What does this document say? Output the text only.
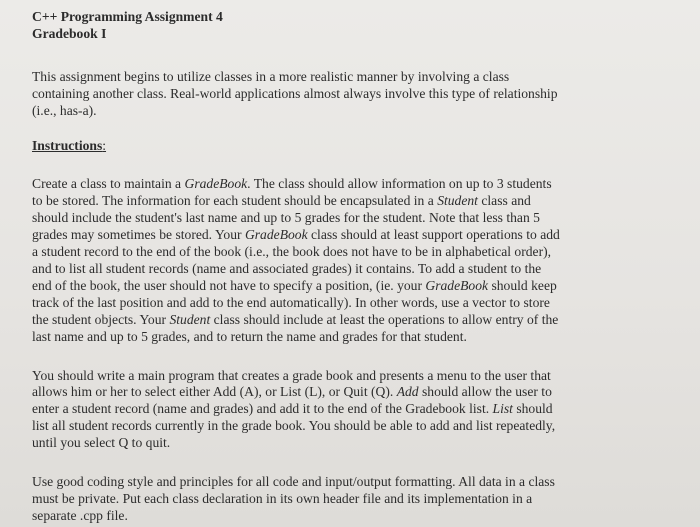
C++ Programming Assignment 4

Gradebook I

This assignment begins to utilize classes in a more realistic manner by involving a class
containing another class. Real-world applications almost always involve this type of relationship
(i.e., has-a).

Instructions:

Create a class to maintain a GradeBook. The class should allow information on up to 3 students
to be stored. The information for each student should be encapsulated in a Student class and
should include the student's last name and up to 5 grades for the student. Note that less than 5
grades may sometimes be stored. Your GradeBook class should at least support operations to add
a student record to the end of the book (i.e., the book does not have to be in alphabetical order),
and to list all student records (name and associated grades) it contains. To add a student to the
end of the book, the user should not have to specify a position, (ie. your GradeBook should keep
track of the last position and add to the end automatically). In other words, use a vector to store
the student objects. Your Student class should include at least the operations to allow entry of the
last name and up to 5 grades, and to return the name and grades for that student.
You should write a main program that creates a grade book and presents a menu to the user that
allows him or her to select either Add (A), or List (L), or Quit (Q). Add should allow the user to
enter a student record (name and grades) and add it to the end of the Gradebook list. List should
list all student records currently in the grade book. You should be able to add and list repeatedly,
until you select Q to quit.
Use good coding style and principles for all code and input/output formatting. All data in a class
must be private. Put each class declaration in its own header file and its implementation in a
separate .cpp file.
